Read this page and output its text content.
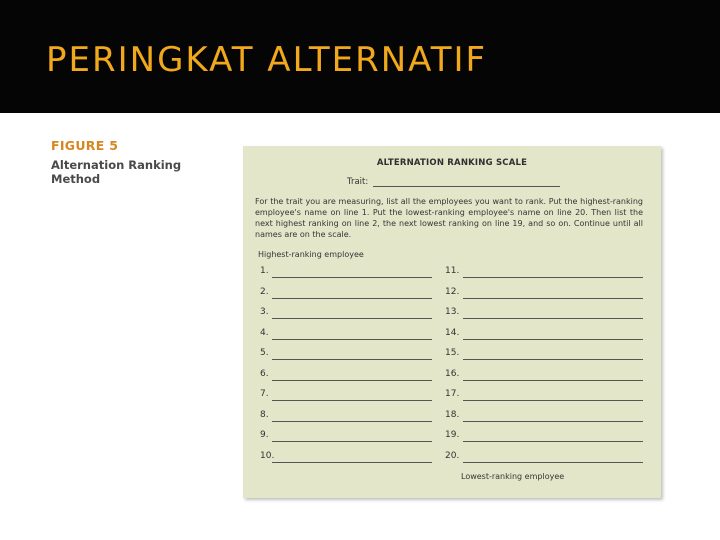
PERINGKAT ALTERNATIF
FIGURE 5
Alternation Ranking Method
ALTERNATION RANKING SCALE
Trait:
For the trait you are measuring, list all the employees you want to rank. Put the highest-ranking employee's name on line 1. Put the lowest-ranking employee's name on line 20. Then list the next highest ranking on line 2, the next lowest ranking on line 19, and so on. Continue until all names are on the scale.
Highest-ranking employee
Lowest-ranking employee
1.
2.
3.
4.
5.
6.
7.
8.
9.
10.
11.
12.
13.
14.
15.
16.
17.
18.
19.
20.
